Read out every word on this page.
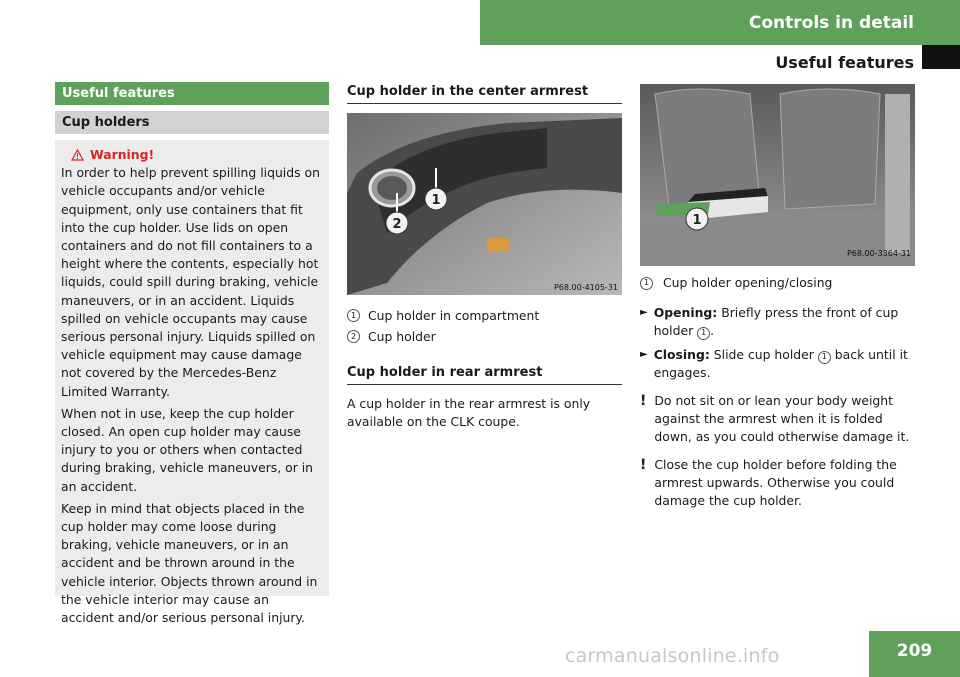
Controls in detail
Useful features
Useful features
Cup holders
Warning!

In order to help prevent spilling liquids on vehicle occupants and/or vehicle equipment, only use containers that fit into the cup holder. Use lids on open containers and do not fill containers to a height where the contents, especially hot liquids, could spill during braking, vehicle maneuvers, or in an accident. Liquids spilled on vehicle occupants may cause serious personal injury. Liquids spilled on vehicle equipment may cause damage not covered by the Mercedes-Benz Limited Warranty.

When not in use, keep the cup holder closed. An open cup holder may cause injury to you or others when contacted during braking, vehicle maneuvers, or in an accident.

Keep in mind that objects placed in the cup holder may come loose during braking, vehicle maneuvers, or in an accident and be thrown around in the vehicle interior. Objects thrown around in the vehicle interior may cause an accident and/or serious personal injury.

Cup holder in the center armrest
1
2
P68.00-4105-31
1 Cup holder in compartment
2 Cup holder
Cup holder in rear armrest
A cup holder in the rear armrest is only available on the CLK coupe.
1
P68.00-3364-31
1	Cup holder opening/closing
► Opening: Briefly press the front of cup holder 1 .
► Closing: Slide cup holder 1 back until it engages.
! Do not sit on or lean your body weight against the armrest when it is folded down, as you could otherwise damage it.
! Close the cup holder before folding the armrest upwards. Otherwise you could damage the cup holder.
209
carmanualsonline.info
